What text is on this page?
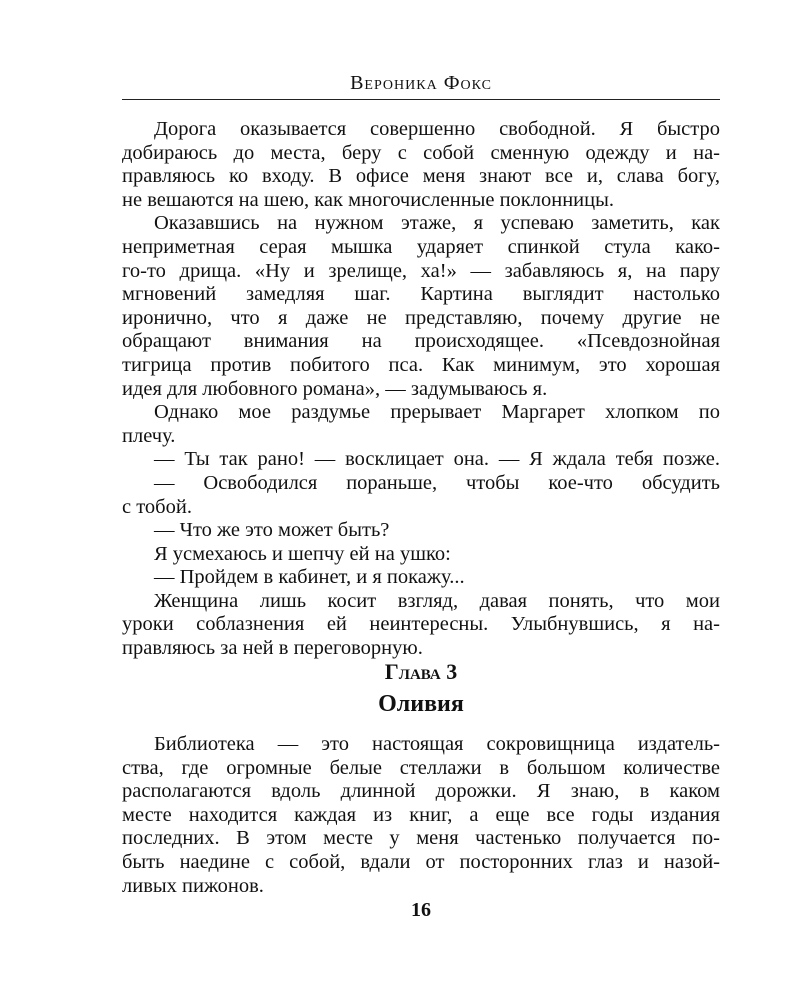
Вероника Фокс
Дорога оказывается совершенно свободной. Я быстро
добираюсь до места, беру с собой сменную одежду и на-
правляюсь ко входу. В офисе меня знают все и, слава богу,
не вешаются на шею, как многочисленные поклонницы.
Оказавшись на нужном этаже, я успеваю заметить, как
неприметная серая мышка ударяет спинкой стула како-
го-то дрища. «Ну и зрелище, ха!» — забавляюсь я, на пару
мгновений замедляя шаг. Картина выглядит настолько
иронично, что я даже не представляю, почему другие не
обращают внимания на происходящее. «Псевдознойная
тигрица против побитого пса. Как минимум, это хорошая
идея для любовного романа», — задумываюсь я.
Однако мое раздумье прерывает Маргарет хлопком по
плечу.
— Ты так рано! — восклицает она. — Я ждала тебя позже.
— Освободился пораньше, чтобы кое-что обсудить
с тобой.
— Что же это может быть?
Я усмехаюсь и шепчу ей на ушко:
— Пройдем в кабинет, и я покажу...
Женщина лишь косит взгляд, давая понять, что мои
уроки соблазнения ей неинтересны. Улыбнувшись, я на-
правляюсь за ней в переговорную.
Глава 3
Оливия
Библиотека — это настоящая сокровищница издатель-
ства, где огромные белые стеллажи в большом количестве
располагаются вдоль длинной дорожки. Я знаю, в каком
месте находится каждая из книг, а еще все годы издания
последних. В этом месте у меня частенько получается по-
быть наедине с собой, вдали от посторонних глаз и назой-
ливых пижонов.
16
